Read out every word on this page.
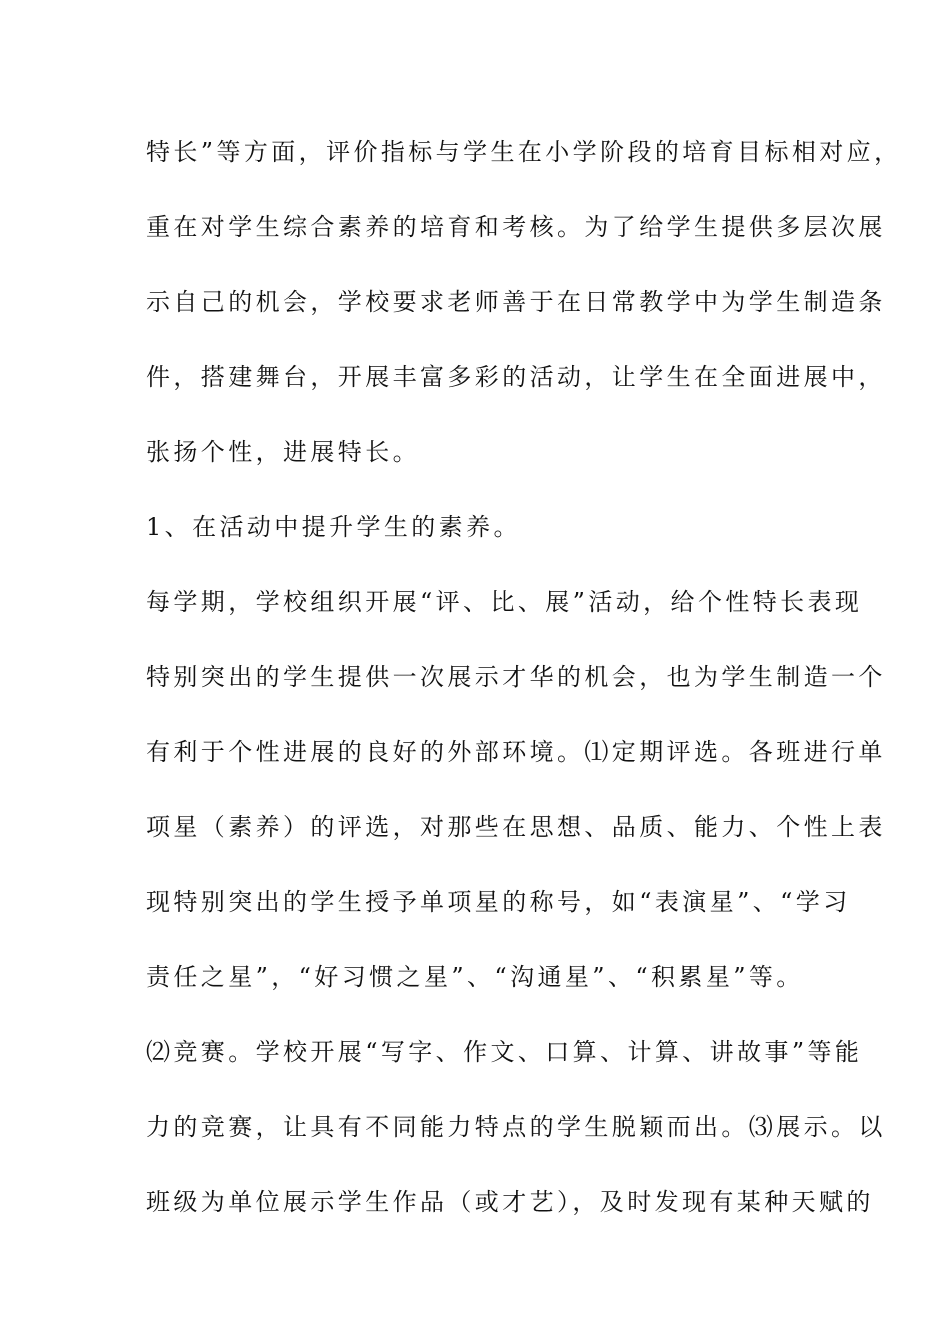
特长”等方面，评价指标与学生在小学阶段的培育目标相对应，

重在对学生综合素养的培育和考核。为了给学生提供多层次展

示自己的机会，学校要求老师善于在日常教学中为学生制造条

件，搭建舞台，开展丰富多彩的活动，让学生在全面进展中，

张扬个性，进展特长。

1、在活动中提升学生的素养。

每学期，学校组织开展“评、比、展”活动，给个性特长表现

特别突出的学生提供一次展示才华的机会，也为学生制造一个

有利于个性进展的良好的外部环境。⑴定期评选。各班进行单

项星（素养）的评选，对那些在思想、品质、能力、个性上表

现特别突出的学生授予单项星的称号，如“表演星”、“学习

责任之星”，“好习惯之星”、“沟通星”、“积累星”等。

⑵竞赛。学校开展“写字、作文、口算、计算、讲故事”等能

力的竞赛，让具有不同能力特点的学生脱颖而出。⑶展示。以

班级为单位展示学生作品（或才艺），及时发现有某种天赋的
